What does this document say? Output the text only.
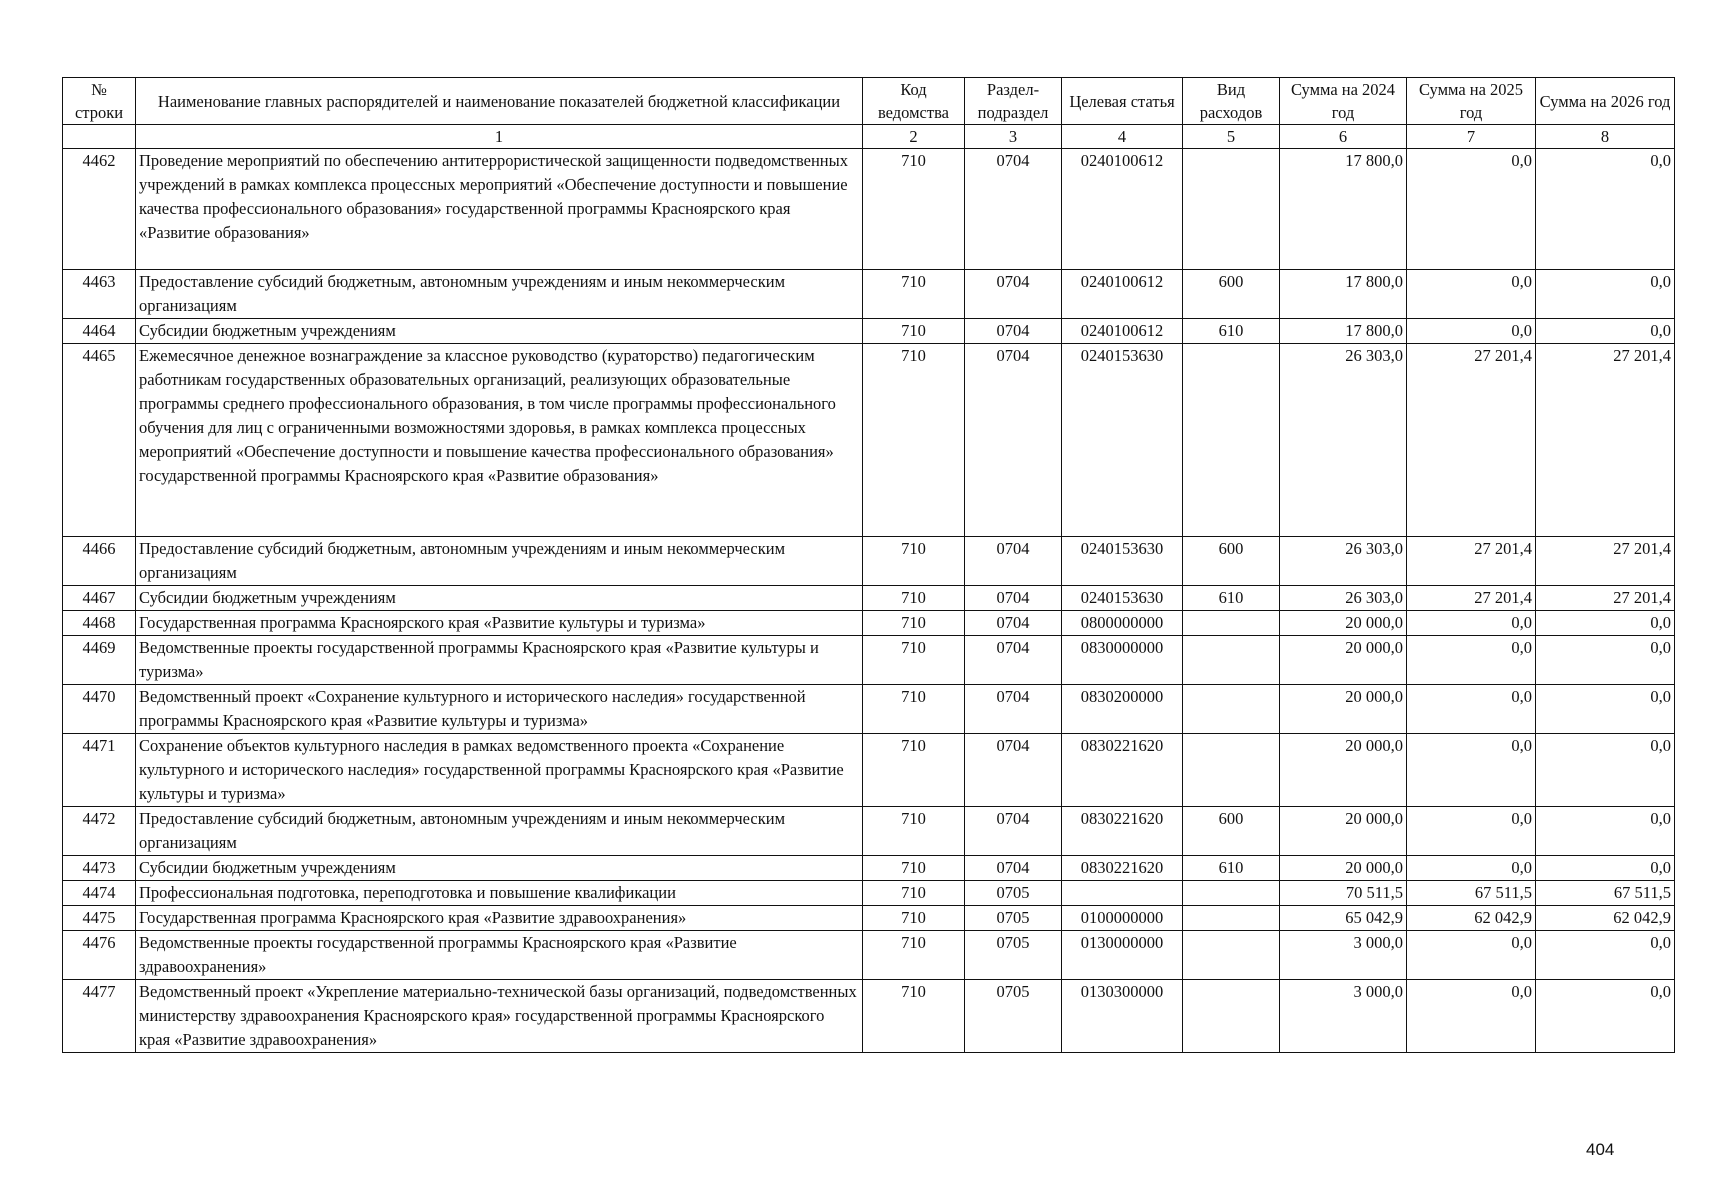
№ строки	Наименование главных распорядителей и наименование показателей бюджетной классификации	Код ведомства	Раздел- подраздел	Целевая статья	Вид расходов	Сумма на 2024 год	Сумма на 2025 год	Сумма на 2026 год
	1	2	3	4	5	6	7	8
4462	Проведение мероприятий по обеспечению антитеррористической защищенности подведомственных учреждений в рамках комплекса процессных мероприятий «Обеспечение доступности и повышение качества профессионального образования» государственной программы Красноярского края «Развитие образования»	710	0704	0240100612		17 800,0	0,0	0,0
4463	Предоставление субсидий бюджетным, автономным учреждениям и иным некоммерческим организациям	710	0704	0240100612	600	17 800,0	0,0	0,0
4464	Субсидии бюджетным учреждениям	710	0704	0240100612	610	17 800,0	0,0	0,0
4465	Ежемесячное денежное вознаграждение за классное руководство (кураторство) педагогическим работникам государственных образовательных организаций, реализующих образовательные программы среднего профессионального образования, в том числе программы профессионального обучения для лиц с ограниченными возможностями здоровья, в рамках комплекса процессных мероприятий «Обеспечение доступности и повышение качества профессионального образования» государственной программы Красноярского края «Развитие образования»	710	0704	0240153630		26 303,0	27 201,4	27 201,4
4466	Предоставление субсидий бюджетным, автономным учреждениям и иным некоммерческим организациям	710	0704	0240153630	600	26 303,0	27 201,4	27 201,4
4467	Субсидии бюджетным учреждениям	710	0704	0240153630	610	26 303,0	27 201,4	27 201,4
4468	Государственная программа Красноярского края «Развитие культуры и туризма»	710	0704	0800000000		20 000,0	0,0	0,0
4469	Ведомственные проекты государственной программы Красноярского края «Развитие культуры и туризма»	710	0704	0830000000		20 000,0	0,0	0,0
4470	Ведомственный проект «Сохранение культурного и исторического наследия» государственной программы Красноярского края «Развитие культуры и туризма»	710	0704	0830200000		20 000,0	0,0	0,0
4471	Сохранение объектов культурного наследия в рамках ведомственного проекта «Сохранение культурного и исторического наследия» государственной программы Красноярского края «Развитие культуры и туризма»	710	0704	0830221620		20 000,0	0,0	0,0
4472	Предоставление субсидий бюджетным, автономным учреждениям и иным некоммерческим организациям	710	0704	0830221620	600	20 000,0	0,0	0,0
4473	Субсидии бюджетным учреждениям	710	0704	0830221620	610	20 000,0	0,0	0,0
4474	Профессиональная подготовка, переподготовка и повышение квалификации	710	0705			70 511,5	67 511,5	67 511,5
4475	Государственная программа Красноярского края «Развитие здравоохранения»	710	0705	0100000000		65 042,9	62 042,9	62 042,9
4476	Ведомственные проекты государственной программы Красноярского края «Развитие здравоохранения»	710	0705	0130000000		3 000,0	0,0	0,0
4477	Ведомственный проект «Укрепление материально-технической базы организаций, подведомственных министерству здравоохранения Красноярского края» государственной программы Красноярского края «Развитие здравоохранения»	710	0705	0130300000		3 000,0	0,0	0,0
404
